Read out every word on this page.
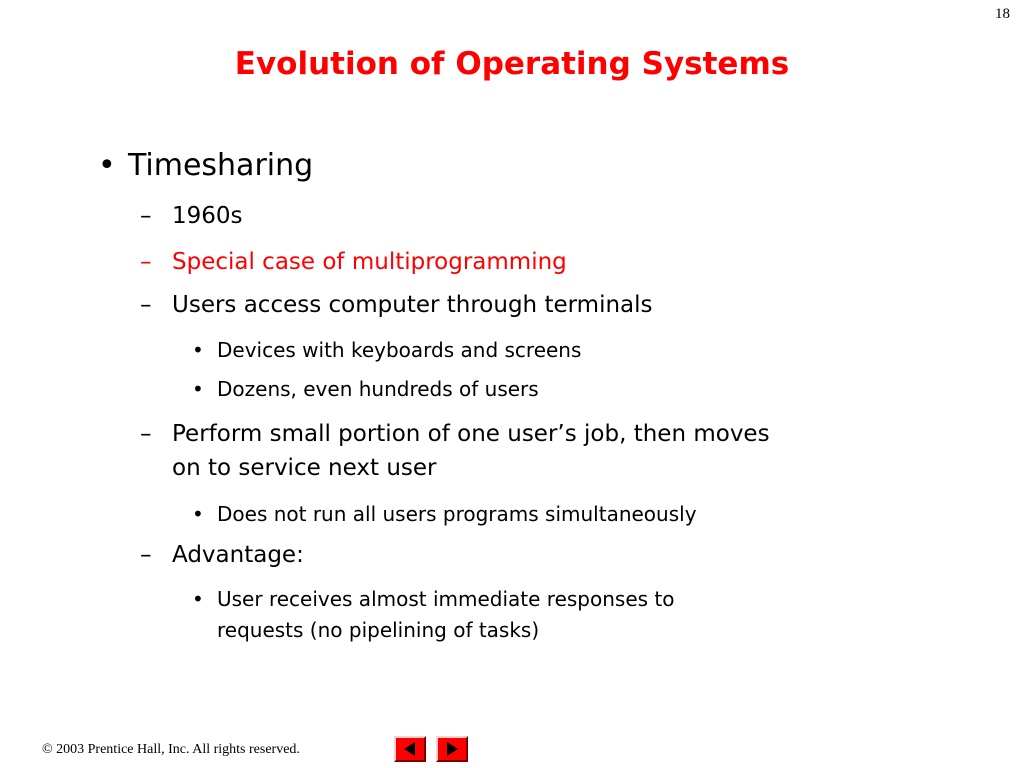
18
Evolution of Operating Systems
• Timesharing
– 1960s
– Special case of multiprogramming
– Users access computer through terminals
• Devices with keyboards and screens
• Dozens, even hundreds of users
– Perform small portion of one user’s job, then moves
on to service next user
• Does not run all users programs simultaneously
– Advantage:
• User receives almost immediate responses to
requests (no pipelining of tasks)
© 2003 Prentice Hall, Inc. All rights reserved.
